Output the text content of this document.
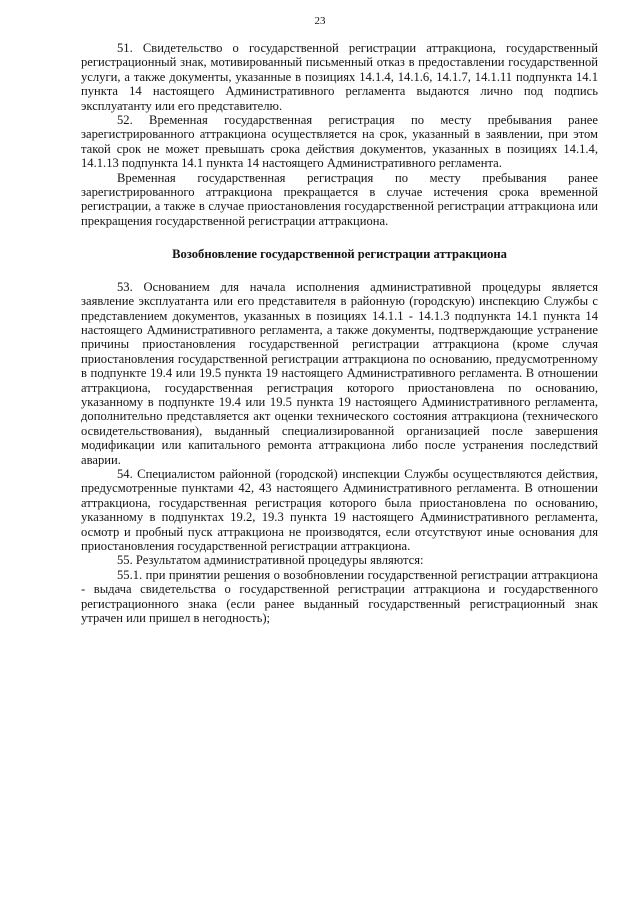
23

51. Свидетельство о государственной регистрации аттракциона, государственный регистрационный знак, мотивированный письменный отказ в предоставлении государственной услуги, а также документы, указанные в позициях 14.1.4, 14.1.6, 14.1.7, 14.1.11 подпункта 14.1 пункта 14 настоящего Административного регламента выдаются лично под подпись эксплуатанту или его представителю.

52. Временная государственная регистрация по месту пребывания ранее зарегистрированного аттракциона осуществляется на срок, указанный в заявлении, при этом такой срок не может превышать срока действия документов, указанных в позициях 14.1.4, 14.1.13 подпункта 14.1 пункта 14 настоящего Административного регламента.

Временная государственная регистрация по месту пребывания ранее зарегистрированного аттракциона прекращается в случае истечения срока временной регистрации, а также в случае приостановления государственной регистрации аттракциона или прекращения государственной регистрации аттракциона.

Возобновление государственной регистрации аттракциона

53. Основанием для начала исполнения административной процедуры является заявление эксплуатанта или его представителя в районную (городскую) инспекцию Службы с представлением документов, указанных в позициях 14.1.1 - 14.1.3 подпункта 14.1 пункта 14 настоящего Административного регламента, а также документы, подтверждающие устранение причины приостановления государственной регистрации аттракциона (кроме случая приостановления государственной регистрации аттракциона по основанию, предусмотренному в подпункте 19.4 или 19.5 пункта 19 настоящего Административного регламента. В отношении аттракциона, государственная регистрация которого приостановлена по основанию, указанному в подпункте 19.4 или 19.5 пункта 19 настоящего Административного регламента, дополнительно представляется акт оценки технического состояния аттракциона (технического освидетельствования), выданный специализированной организацией после завершения модификации или капитального ремонта аттракциона либо после устранения последствий аварии.

54. Специалистом районной (городской) инспекции Службы осуществляются действия, предусмотренные пунктами 42, 43 настоящего Административного регламента. В отношении аттракциона, государственная регистрация которого была приостановлена по основанию, указанному в подпунктах 19.2, 19.3 пункта 19 настоящего Административного регламента, осмотр и пробный пуск аттракциона не производятся, если отсутствуют иные основания для приостановления государственной регистрации аттракциона.

55. Результатом административной процедуры являются:

55.1. при принятии решения о возобновлении государственной регистрации аттракциона - выдача свидетельства о государственной регистрации аттракциона и государственного регистрационного знака (если ранее выданный государственный регистрационный знак утрачен или пришел в негодность);
